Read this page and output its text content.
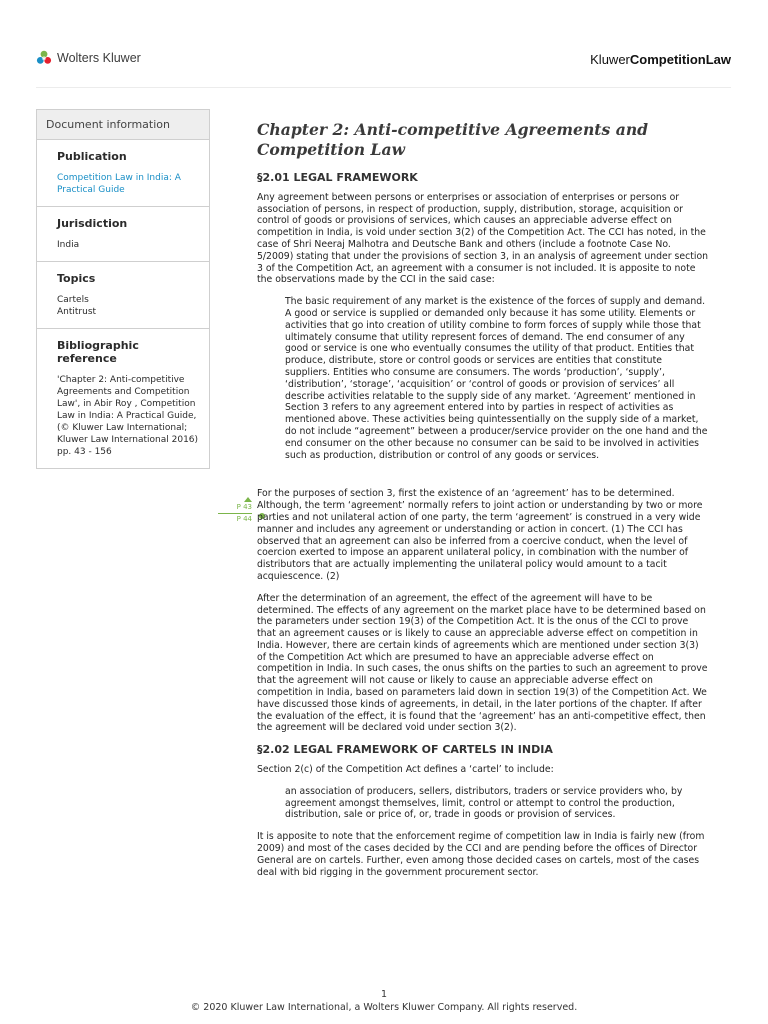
Wolters Kluwer	KluwerCompetitionLaw
Document information
Publication
Competition Law in India: A Practical Guide
Jurisdiction
India
Topics
Cartels
Antitrust
Bibliographic reference
'Chapter 2: Anti-competitive Agreements and Competition Law', in Abir Roy , Competition Law in India: A Practical Guide, (© Kluwer Law International; Kluwer Law International 2016) pp. 43 - 156
P 43
P 44
Chapter 2: Anti-competitive Agreements and Competition Law
§2.01 LEGAL FRAMEWORK

Any agreement between persons or enterprises or association of enterprises or persons or association of persons, in respect of production, supply, distribution, storage, acquisition or control of goods or provisions of services, which causes an appreciable adverse effect on competition in India, is void under section 3(2) of the Competition Act. The CCI has noted, in the case of Shri Neeraj Malhotra and Deutsche Bank and others (include a footnote Case No. 5/2009) stating that under the provisions of section 3, in an analysis of agreement under section 3 of the Competition Act, an agreement with a consumer is not included. It is apposite to note the observations made by the CCI in the said case:

The basic requirement of any market is the existence of the forces of supply and demand. A good or service is supplied or demanded only because it has some utility. Elements or activities that go into creation of utility combine to form forces of supply while those that ultimately consume that utility represent forces of demand. The end consumer of any good or service is one who eventually consumes the utility of that product. Entities that produce, distribute, store or control goods or services are entities that constitute suppliers. Entities who consume are consumers. The words ‘production’, ‘supply’, ‘distribution’, ‘storage’, ‘acquisition’ or ‘control of goods or provision of services’ all describe activities relatable to the supply side of any market. ‘Agreement’ mentioned in Section 3 refers to any agreement entered into by parties in respect of activities as mentioned above. These activities being quintessentially on the supply side of a market, do not include “agreement” between a producer/service provider on the one hand and the end consumer on the other because no consumer can be said to be involved in activities such as production, distribution or control of any goods or services.

For the purposes of section 3, first the existence of an ‘agreement’ has to be determined. Although, the term ‘agreement’ normally refers to joint action or understanding by two or more parties and not unilateral action of one party, the term ‘agreement’ is construed in a very wide manner and includes any agreement or understanding or action in concert. (1) The CCI has observed that an agreement can also be inferred from a coercive conduct, when the level of coercion exerted to impose an apparent unilateral policy, in combination with the number of distributors that are actually implementing the unilateral policy would amount to a tacit acquiescence. (2)

After the determination of an agreement, the effect of the agreement will have to be determined. The effects of any agreement on the market place have to be determined based on the parameters under section 19(3) of the Competition Act. It is the onus of the CCI to prove that an agreement causes or is likely to cause an appreciable adverse effect on competition in India. However, there are certain kinds of agreements which are mentioned under section 3(3) of the Competition Act which are presumed to have an appreciable adverse effect on competition in India. In such cases, the onus shifts on the parties to such an agreement to prove that the agreement will not cause or likely to cause an appreciable adverse effect on competition in India, based on parameters laid down in section 19(3) of the Competition Act. We have discussed those kinds of agreements, in detail, in the later portions of the chapter. If after the evaluation of the effect, it is found that the ‘agreement’ has an anti-competitive effect, then the agreement will be declared void under section 3(2).

§2.02 LEGAL FRAMEWORK OF CARTELS IN INDIA

Section 2(c) of the Competition Act defines a ‘cartel’ to include:

an association of producers, sellers, distributors, traders or service providers who, by agreement amongst themselves, limit, control or attempt to control the production, distribution, sale or price of, or, trade in goods or provision of services.

It is apposite to note that the enforcement regime of competition law in India is fairly new (from 2009) and most of the cases decided by the CCI and are pending before the offices of Director General are on cartels. Further, even among those decided cases on cartels, most of the cases deal with bid rigging in the government procurement sector.

1
© 2020 Kluwer Law International, a Wolters Kluwer Company. All rights reserved.
